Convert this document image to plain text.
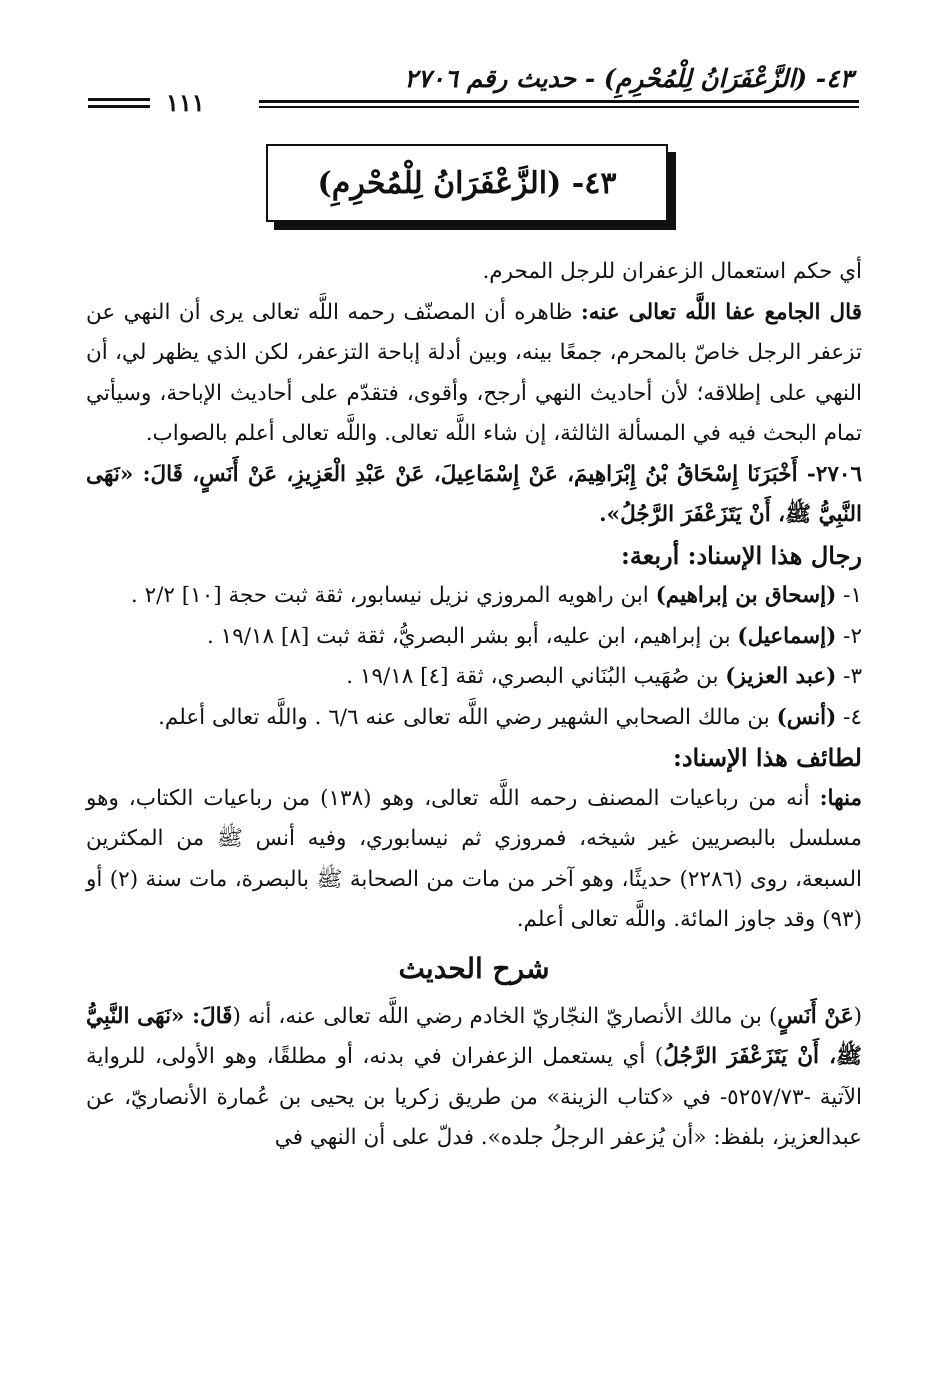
٤٣- (الزَّعْفَرَانُ لِلْمُحْرِمِ) - حديث رقم ٢٧٠٦
١١١
٤٣- (الزَّعْفَرَانُ لِلْمُحْرِمِ)

أي حكم استعمال الزعفران للرجل المحرم.

قال الجامع عفا اللَّه تعالى عنه: ظاهره أن المصنّف رحمه اللَّه تعالى يرى أن النهي عن تزعفر الرجل خاصّ بالمحرم، جمعًا بينه، وبين أدلة إباحة التزعفر، لكن الذي يظهر لي، أن النهي على إطلاقه؛ لأن أحاديث النهي أرجح، وأقوى، فتقدّم على أحاديث الإباحة، وسيأتي تمام البحث فيه في المسألة الثالثة، إن شاء اللَّه تعالى. واللَّه تعالى أعلم بالصواب.

٢٧٠٦- أَخْبَرَنَا إِسْحَاقُ بْنُ إِبْرَاهِيمَ، عَنْ إِسْمَاعِيلَ، عَنْ عَبْدِ الْعَزِيزِ، عَنْ أَنَسٍ، قَالَ: «نَهَى النَّبِيُّ ﷺ، أَنْ يَتَزَعْفَرَ الرَّجُلُ».

رجال هذا الإسناد: أربعة:

١- (إسحاق بن إبراهيم) ابن راهويه المروزي نزيل نيسابور، ثقة ثبت حجة [١٠] ٢/٢ .

٢- (إسماعيل) بن إبراهيم، ابن عليه، أبو بشر البصريُّ، ثقة ثبت [٨] ١٩/١٨ .

٣- (عبد العزيز) بن صُهَيب البُنَاني البصري، ثقة [٤] ١٩/١٨ .

٤- (أنس) بن مالك الصحابي الشهير رضي اللَّه تعالى عنه ٦/٦ . واللَّه تعالى أعلم.

لطائف هذا الإسناد:

منها: أنه من رباعيات المصنف رحمه اللَّه تعالى، وهو (١٣٨) من رباعيات الكتاب، وهو مسلسل بالبصريين غير شيخه، فمروزي ثم نيسابوري، وفيه أنس ﷺ من المكثرين السبعة، روى (٢٢٨٦) حديثًا، وهو آخر من مات من الصحابة ﷺ بالبصرة، مات سنة (٢) أو (٩٣) وقد جاوز المائة. واللَّه تعالى أعلم.

شرح الحديث

(عَنْ أَنَسٍ) بن مالك الأنصاريّ النجّاريّ الخادم رضي اللَّه تعالى عنه، أنه (قَالَ: «نَهَى النَّبِيُّ ﷺ، أَنْ يَتَزَعْفَرَ الرَّجُلُ) أي يستعمل الزعفران في بدنه، أو مطلقًا، وهو الأولى، للرواية الآتية -٥٢٥٧/٧٣- في «كتاب الزينة» من طريق زكريا بن يحيى بن عُمارة الأنصاريّ، عن عبدالعزيز، بلفظ: «أن يُزعفر الرجلُ جلده». فدلّ على أن النهي في
